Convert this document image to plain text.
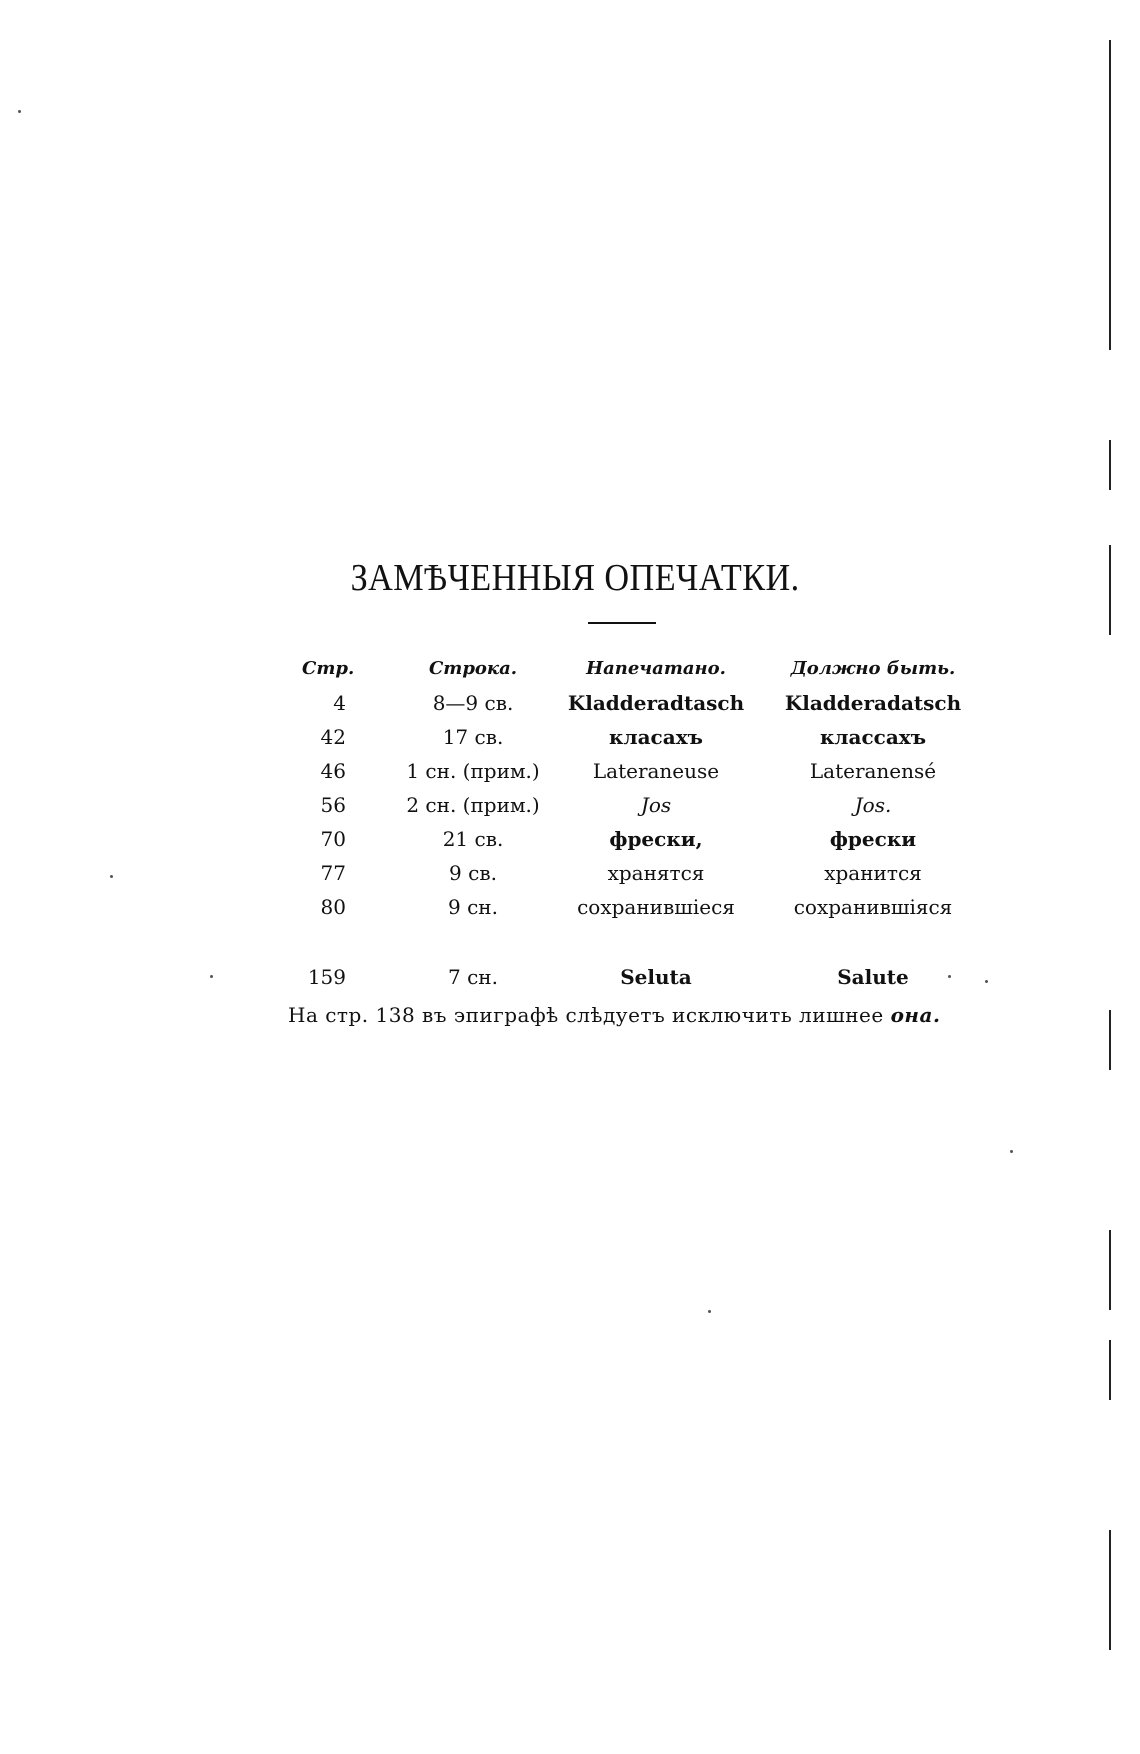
ЗАМѢЧЕННЫЯ ОПЕЧАТКИ.
Стр.	Строка.	Напечатано.	Должно быть.
4	8—9 св.	Kladderadtasch	Kladderadatsch
42	17 св.	класахъ	классахъ
46	1 сн. (прим.)	Lateraneuse	Lateranensé
56	2 сн. (прим.)	Jos	Jos.
70	21 св.	фрески,	фрески
77	9 св.	хранятся	хранится
80	9 сн.	сохранившіеся	сохранившіяся
159	7 сн.	Seluta	Salute
На стр. 138 въ эпиграфѣ слѣдуетъ исключить лишнее она.
